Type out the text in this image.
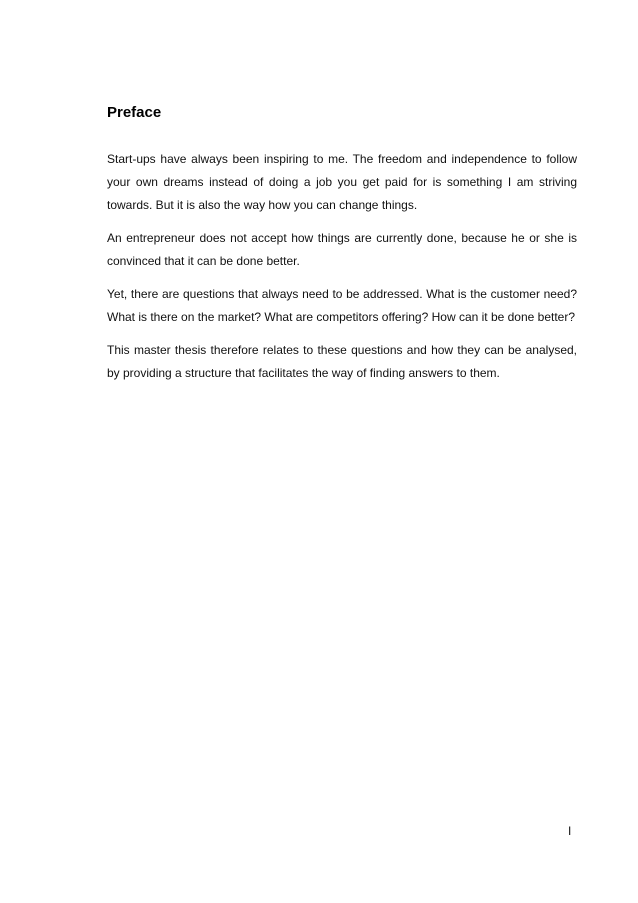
Preface

Start-ups have always been inspiring to me. The freedom and independence to follow your own dreams instead of doing a job you get paid for is something I am striving towards. But it is also the way how you can change things.

An entrepreneur does not accept how things are currently done, because he or she is convinced that it can be done better.

Yet, there are questions that always need to be addressed. What is the customer need? What is there on the market? What are competitors offering? How can it be done better?

This master thesis therefore relates to these questions and how they can be analysed, by providing a structure that facilitates the way of finding answers to them.

I
